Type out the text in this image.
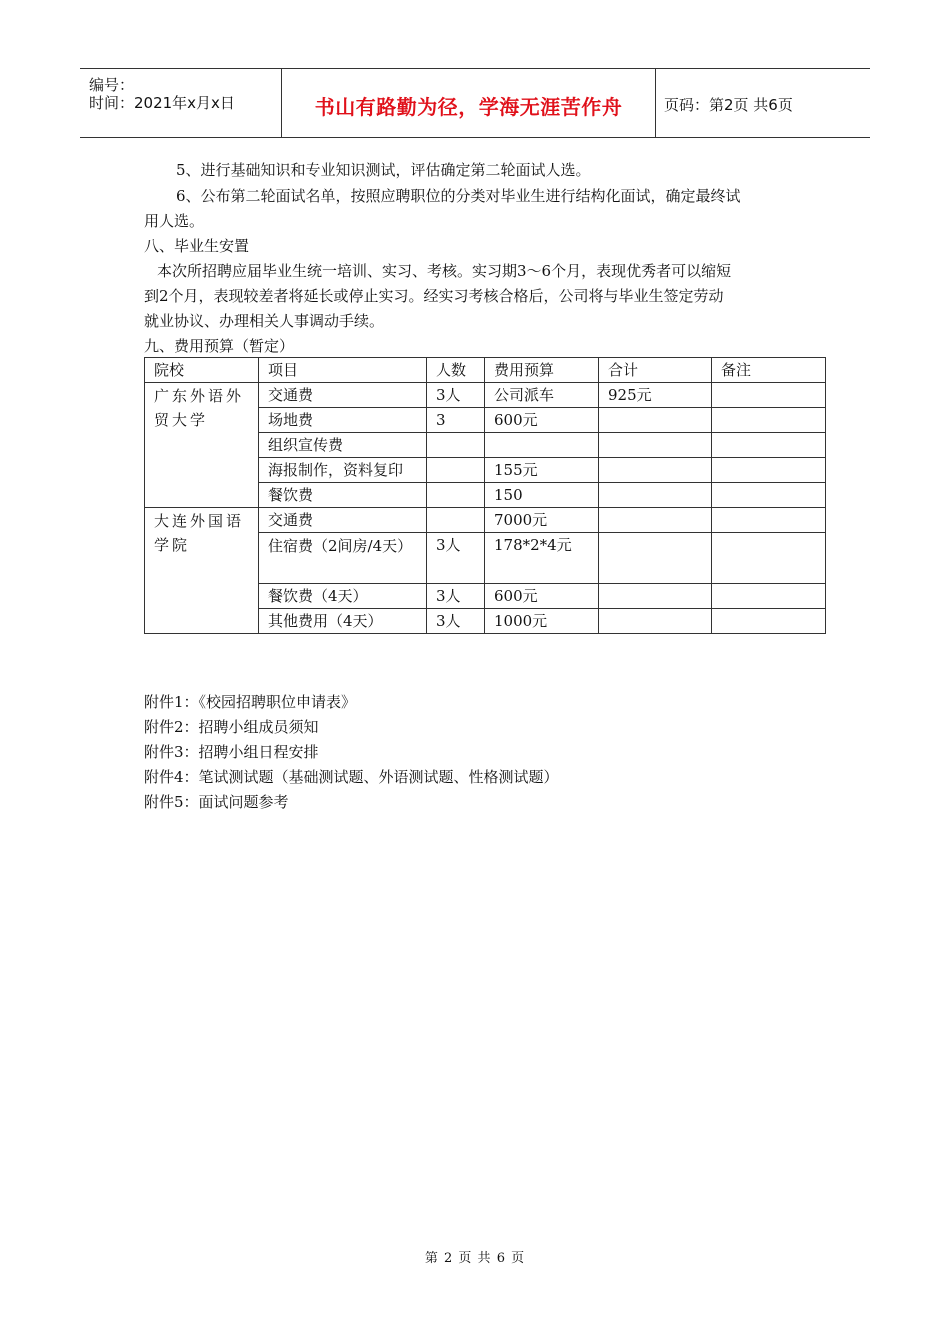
编号：
时间：2021年x月x日	书山有路勤为径，学海无涯苦作舟	页码：第2页 共6页
5、进行基础知识和专业知识测试，评估确定第二轮面试人选。
6、公布第二轮面试名单，按照应聘职位的分类对毕业生进行结构化面试，确定最终试
用人选。
八、毕业生安置
本次所招聘应届毕业生统一培训、实习、考核。实习期3～6个月，表现优秀者可以缩短
到2个月，表现较差者将延长或停止实习。经实习考核合格后，公司将与毕业生签定劳动
就业协议、办理相关人事调动手续。
九、费用预算（暂定）
院校	项目	人数	费用预算	合计	备注
广东外语外贸大学	交通费	3人	公司派车	925元	
	场地费	3	600元		
	组织宣传费				
	海报制作，资料复印		155元		
	餐饮费		150		
大连外国语学院	交通费		7000元		
	住宿费（2间房/4天）	3人	178*2*4元		
	餐饮费（4天）	3人	600元		
	其他费用（4天）	3人	1000元		
附件1：《校园招聘职位申请表》
附件2：招聘小组成员须知
附件3：招聘小组日程安排
附件4：笔试测试题（基础测试题、外语测试题、性格测试题）
附件5：面试问题参考
第 2 页 共 6 页
